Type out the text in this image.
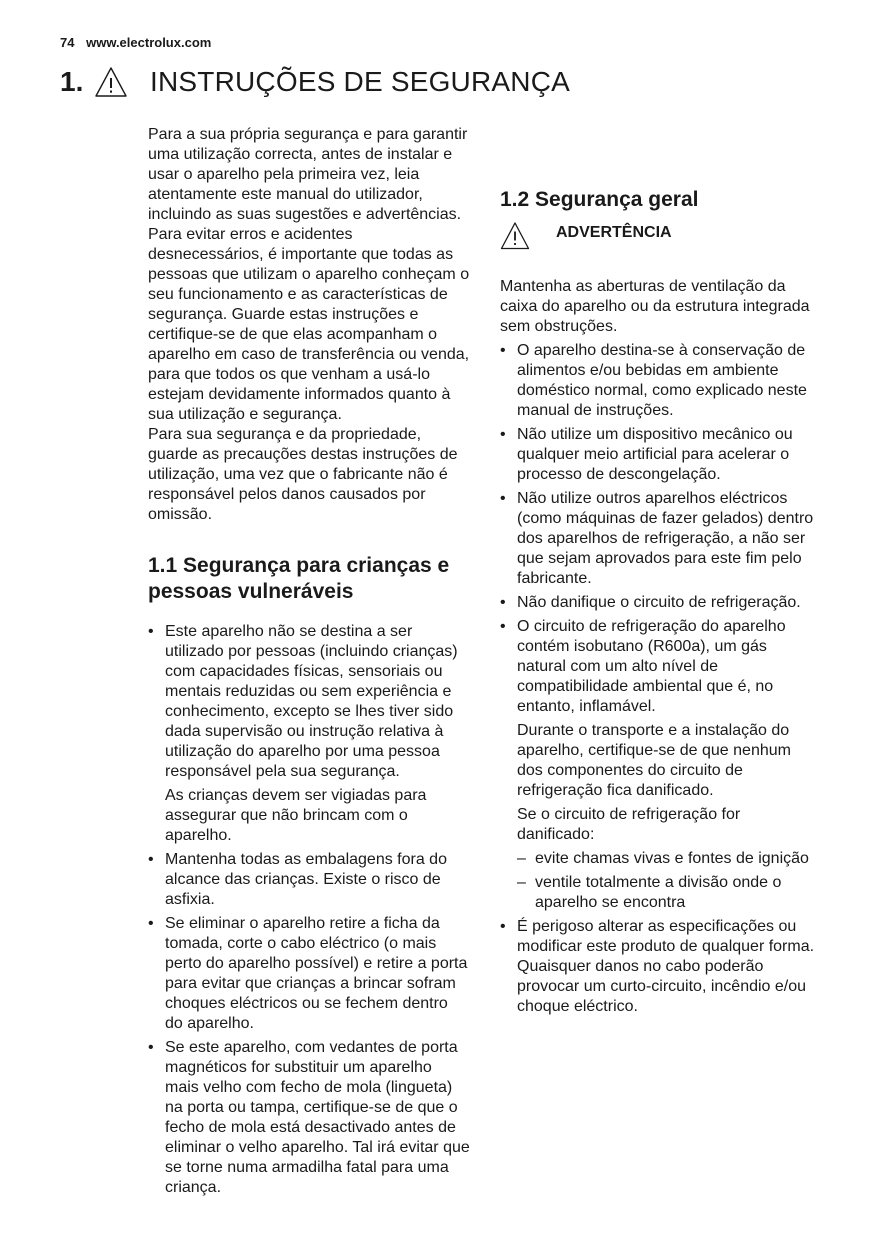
74 www.electrolux.com
1. INSTRUÇÕES DE SEGURANÇA

Para a sua própria segurança e para garantir uma utilização correcta, antes de instalar e usar o aparelho pela primeira vez, leia atentamente este manual do utilizador, incluindo as suas sugestões e advertências. Para evitar erros e acidentes desnecessários, é importante que todas as pessoas que utilizam o aparelho conheçam o seu funcionamento e as características de segurança. Guarde estas instruções e certifique-se de que elas acompanham o aparelho em caso de transferência ou venda, para que todos os que venham a usá-lo estejam devidamente informados quanto à sua utilização e segurança.

Para sua segurança e da propriedade, guarde as precauções destas instruções de utilização, uma vez que o fabricante não é responsável pelos danos causados por omissão.

1.1 Segurança para crianças e pessoas vulneráveis
• Este aparelho não se destina a ser utilizado por pessoas (incluindo crianças) com capacidades físicas, sensoriais ou mentais reduzidas ou sem experiência e conhecimento, excepto se lhes tiver sido dada supervisão ou instrução relativa à utilização do aparelho por uma pessoa responsável pela sua segurança.

As crianças devem ser vigiadas para assegurar que não brincam com o aparelho.

• Mantenha todas as embalagens fora do alcance das crianças. Existe o risco de asfixia.
• Se eliminar o aparelho retire a ficha da tomada, corte o cabo eléctrico (o mais perto do aparelho possível) e retire a porta para evitar que crianças a brincar sofram choques eléctricos ou se fechem dentro do aparelho.
• Se este aparelho, com vedantes de porta magnéticos for substituir um aparelho mais velho com fecho de mola (lingueta) na porta ou tampa, certifique-se de que o fecho de mola está desactivado antes de eliminar o velho aparelho. Tal irá evitar que se torne numa armadilha fatal para uma criança.
1.2 Segurança geral
ADVERTÊNCIA

Mantenha as aberturas de ventilação da caixa do aparelho ou da estrutura integrada sem obstruções.

• O aparelho destina-se à conservação de alimentos e/ou bebidas em ambiente doméstico normal, como explicado neste manual de instruções.
• Não utilize um dispositivo mecânico ou qualquer meio artificial para acelerar o processo de descongelação.
• Não utilize outros aparelhos eléctricos (como máquinas de fazer gelados) dentro dos aparelhos de refrigeração, a não ser que sejam aprovados para este fim pelo fabricante.
• Não danifique o circuito de refrigeração.
• O circuito de refrigeração do aparelho contém isobutano (R600a), um gás natural com um alto nível de compatibilidade ambiental que é, no entanto, inflamável.

Durante o transporte e a instalação do aparelho, certifique-se de que nenhum dos componentes do circuito de refrigeração fica danificado.

Se o circuito de refrigeração for danificado:

– evite chamas vivas e fontes de ignição
– ventile totalmente a divisão onde o aparelho se encontra
• É perigoso alterar as especificações ou modificar este produto de qualquer forma. Quaisquer danos no cabo poderão provocar um curto-circuito, incêndio e/ou choque eléctrico.
